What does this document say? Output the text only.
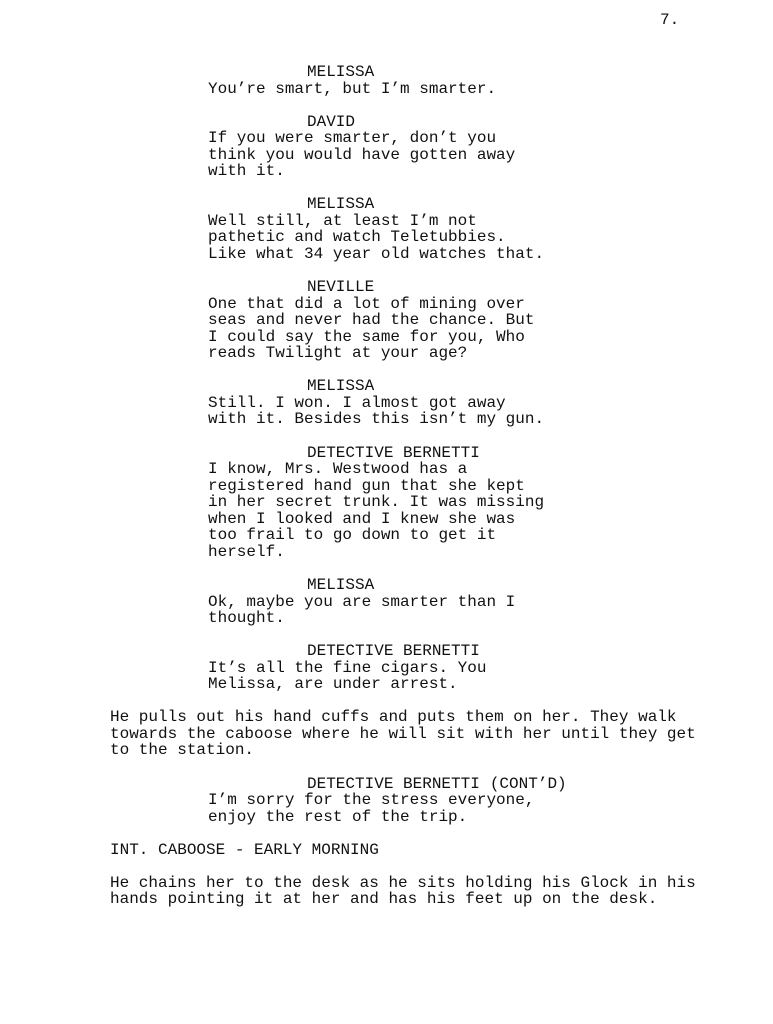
7.
MELISSA
You’re smart, but I’m smarter.
DAVID
If you were smarter, don’t you
think you would have gotten away
with it.
MELISSA
Well still, at least I’m not
pathetic and watch Teletubbies.
Like what 34 year old watches that.
NEVILLE
One that did a lot of mining over
seas and never had the chance. But
I could say the same for you, Who
reads Twilight at your age?
MELISSA
Still. I won. I almost got away
with it. Besides this isn’t my gun.
DETECTIVE BERNETTI
I know, Mrs. Westwood has a
registered hand gun that she kept
in her secret trunk. It was missing
when I looked and I knew she was
too frail to go down to get it
herself.
MELISSA
Ok, maybe you are smarter than I
thought.
DETECTIVE BERNETTI
It’s all the fine cigars. You
Melissa, are under arrest.
He pulls out his hand cuffs and puts them on her. They walk
towards the caboose where he will sit with her until they get
to the station.
DETECTIVE BERNETTI (CONT’D)
I’m sorry for the stress everyone,
enjoy the rest of the trip.
INT. CABOOSE - EARLY MORNING
He chains her to the desk as he sits holding his Glock in his
hands pointing it at her and has his feet up on the desk.
